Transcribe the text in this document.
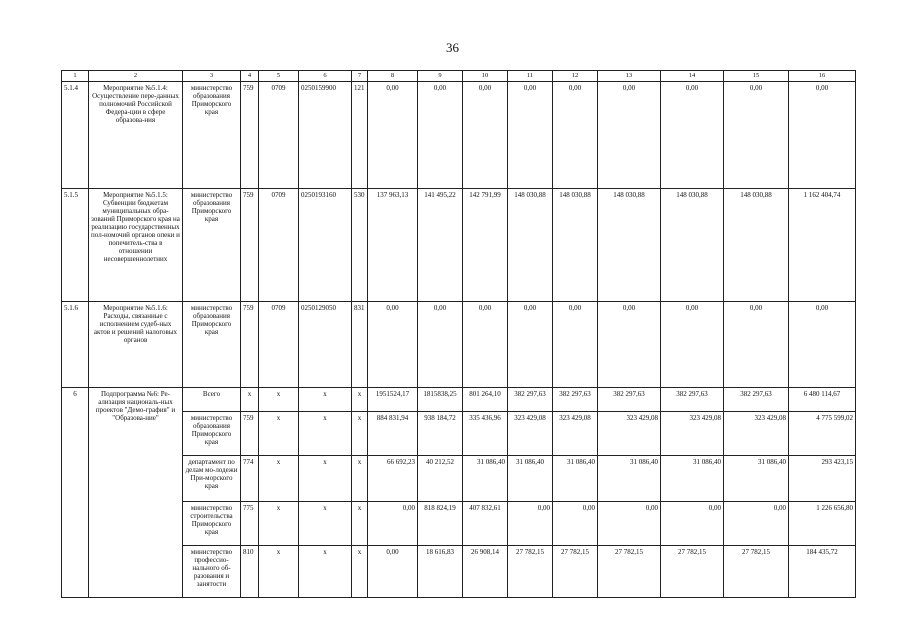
36
1	2	3	4	5	6	7	8	9	10	11	12	13	14	15	16
5.1.4	Мероприятие №5.1.4: Осуществление пере-данных полномочий Российской Федера-ции в сфере образова-ния	министерство образования Приморского края	759	0709	0250159900	121	0,00	0,00	0,00	0,00	0,00	0,00	0,00	0,00	0,00
5.1.5	Мероприятие №5.1.5: Субвенции бюджетам муниципальных обра-зований Приморского края на реализацию государственных пол-номочий органов опеки и попечитель-ства в отношении несовершеннолетних	министерство образования Приморского края	759	0709	0250193160	530	137 963,13	141 495,22	142 791,99	148 030,88	148 030,88	148 030,88	148 030,88	148 030,88	1 162 404,74
5.1.6	Мероприятие №5.1.6: Расходы, связанные с исполнением судеб-ных актов и решений налоговых органов	министерство образования Приморского края	759	0709	0250129050	831	0,00	0,00	0,00	0,00	0,00	0,00	0,00	0,00	0,00
6	Подпрограмма №6: Ре-ализация националь-ных проектов "Демо-графия" и "Образова-ние"	Всего	х	х	х	х	1951524,17	1815838,25	801 264,10	382 297,63	382 297,63	382 297,63	382 297,63	382 297,63	6 480 114,67
		министерство образования Приморского края	759	х	х	х	884 831,94	938 184,72	335 436,96	323 429,08	323 429,08	323 429,08	323 429,08	323 429,08	4 775 599,02
		департамент по делам мо-лодежи При-морского края	774	х	х	х	66 692,23	40 212,52	31 086,40	31 086,40	31 086,40	31 086,40	31 086,40	31 086,40	293 423,15
		министерство строительства Приморского края	775	х	х	х	0,00	818 824,19	407 832,61	0,00	0,00	0,00	0,00	0,00	1 226 656,80
		министерство профессио-нального об-разования и занятости	810	х	х	х	0,00	18 616,83	26 908,14	27 782,15	27 782,15	27 782,15	27 782,15	27 782,15	184 435,72
